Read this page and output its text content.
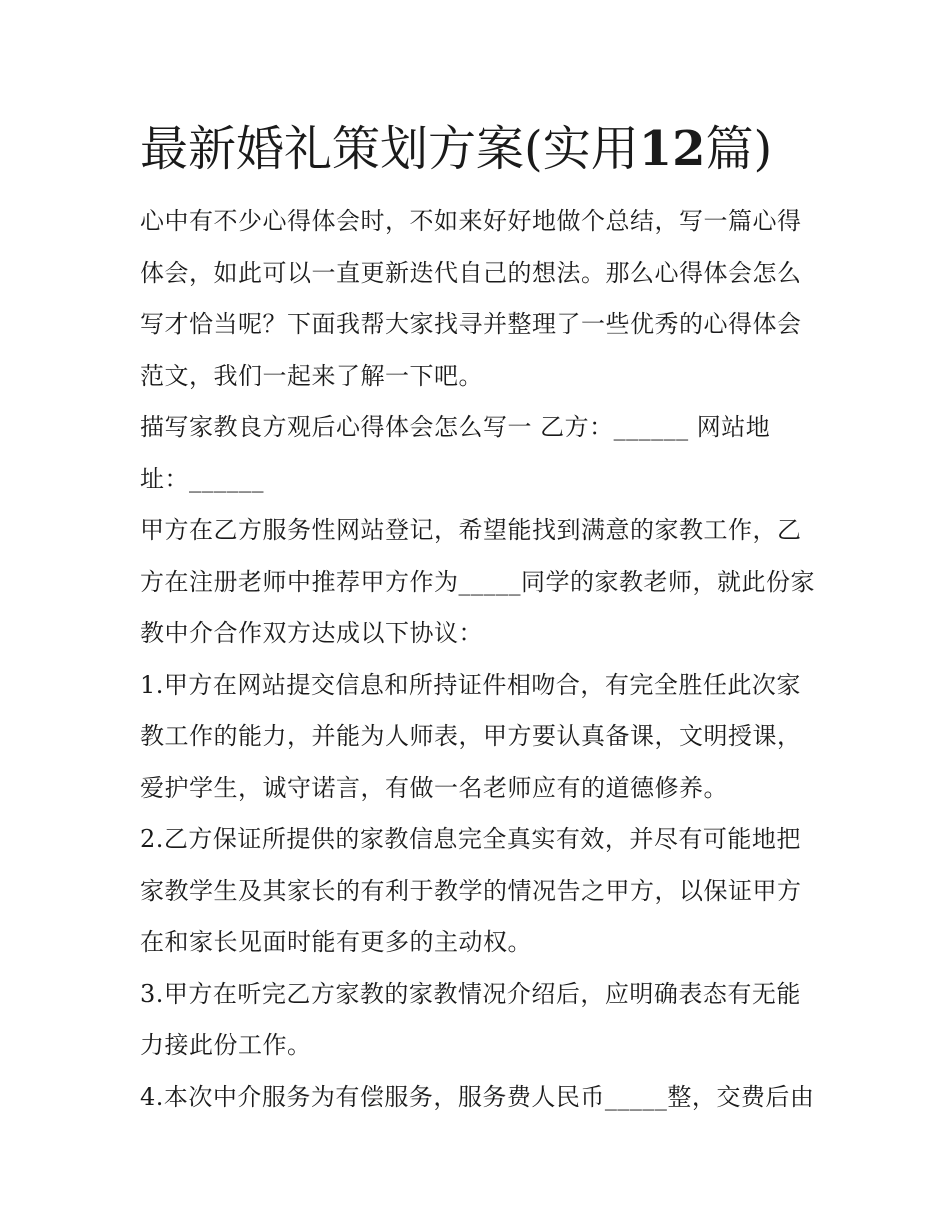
最新婚礼策划方案(实用12篇)

心中有不少心得体会时，不如来好好地做个总结，写一篇心得体会，如此可以一直更新迭代自己的想法。那么心得体会怎么写才恰当呢？下面我帮大家找寻并整理了一些优秀的心得体会范文，我们一起来了解一下吧。

描写家教良方观后心得体会怎么写一 乙方：______ 网站地址：______

甲方在乙方服务性网站登记，希望能找到满意的家教工作，乙方在注册老师中推荐甲方作为_____同学的家教老师，就此份家教中介合作双方达成以下协议：

1.甲方在网站提交信息和所持证件相吻合，有完全胜任此次家教工作的能力，并能为人师表，甲方要认真备课，文明授课，爱护学生，诚守诺言，有做一名老师应有的道德修养。

2.乙方保证所提供的家教信息完全真实有效，并尽有可能地把家教学生及其家长的有利于教学的情况告之甲方，以保证甲方在和家长见面时能有更多的主动权。

3.甲方在听完乙方家教的家教情况介绍后，应明确表态有无能力接此份工作。

4.本次中介服务为有偿服务，服务费人民币_____整，交费后由
